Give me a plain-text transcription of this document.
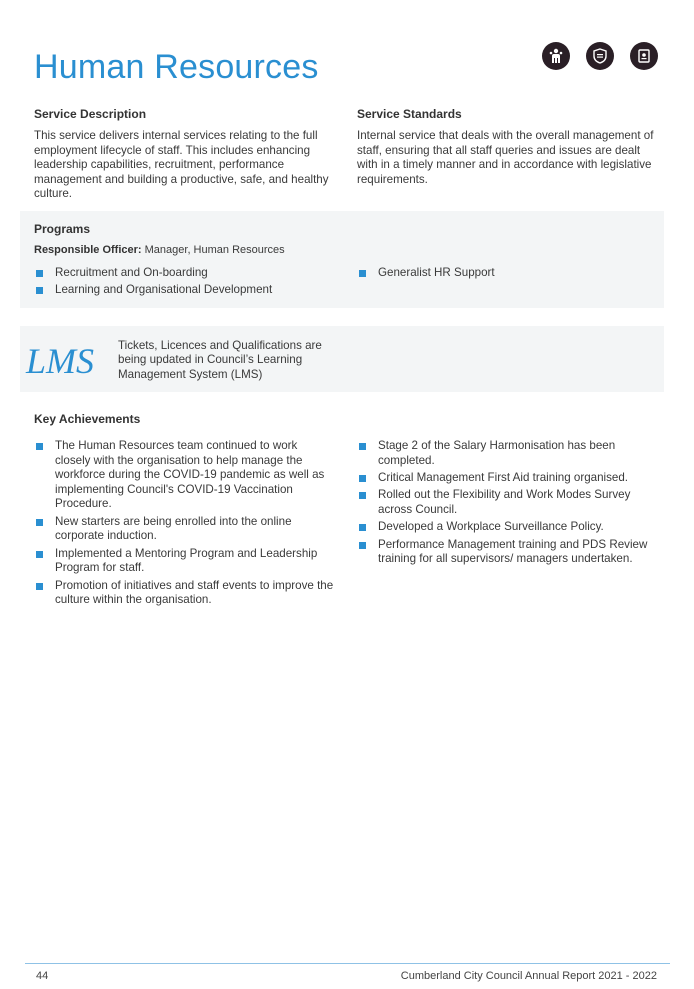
Human Resources
Service Description

This service delivers internal services relating to the full employment lifecycle of staff. This includes enhancing leadership capabilities, recruitment, performance management and building a productive, safe, and healthy culture.

Service Standards

Internal service that deals with the overall management of staff, ensuring that all staff queries and issues are dealt with in a timely manner and in accordance with legislative requirements.

Programs
Responsible Officer: Manager, Human Resources
Recruitment and On-boarding
Learning and Organisational Development
Generalist HR Support
LMS Tickets, Licences and Qualifications are being updated in Council’s Learning Management System (LMS)

Key Achievements
The Human Resources team continued to work closely with the organisation to help manage the workforce during the COVID-19 pandemic as well as implementing Council's COVID-19 Vaccination Procedure.
New starters are being enrolled into the online corporate induction.
Implemented a Mentoring Program and Leadership Program for staff.
Promotion of initiatives and staff events to improve the culture within the organisation.
Stage 2 of the Salary Harmonisation has been completed.
Critical Management First Aid training organised.
Rolled out the Flexibility and Work Modes Survey across Council.
Developed a Workplace Surveillance Policy.
Performance Management training and PDS Review training for all supervisors/ managers undertaken.
44	Cumberland City Council Annual Report 2021 - 2022
